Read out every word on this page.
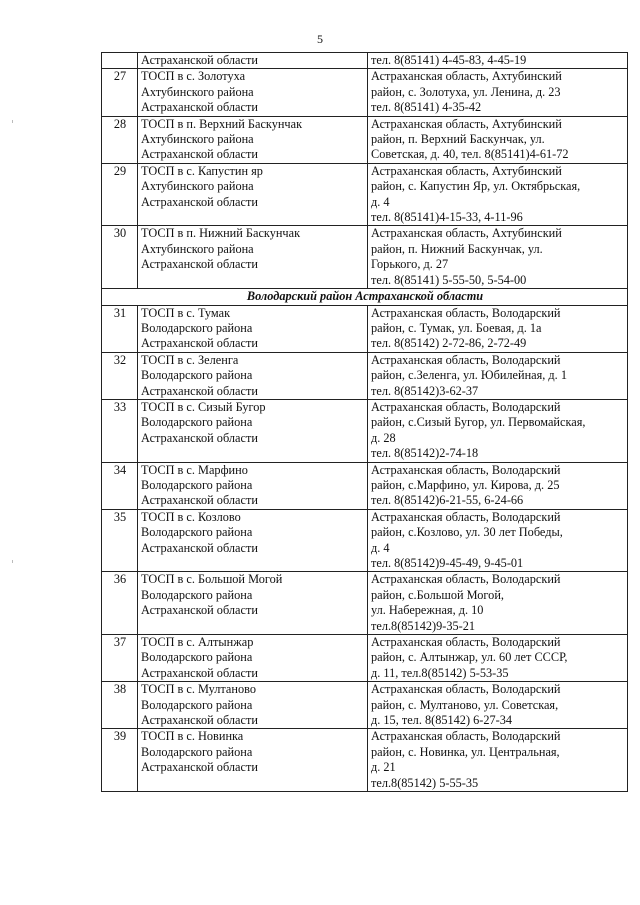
5

	Астраханской области	тел. 8(85141) 4-45-83, 4-45-19

27	ТОСП в с. Золотуха
Ахтубинского района
Астраханской области	Астраханская область, Ахтубинский
район, с. Золотуха, ул. Ленина, д. 23
тел. 8(85141) 4-35-42

28	ТОСП в п. Верхний Баскунчак
Ахтубинского района
Астраханской области	Астраханская область, Ахтубинский
район, п. Верхний Баскунчак, ул.
Советская, д. 40, тел. 8(85141)4-61-72

29	ТОСП в с. Капустин яр
Ахтубинского района
Астраханской области	Астраханская область, Ахтубинский
район, с. Капустин Яр, ул. Октябрьская,
д. 4
тел. 8(85141)4-15-33, 4-11-96

30	ТОСП в п. Нижний Баскунчак
Ахтубинского района
Астраханской области	Астраханская область, Ахтубинский
район, п. Нижний Баскунчак, ул.
Горького, д. 27
тел. 8(85141) 5-55-50, 5-54-00

Володарский район Астраханской области		
31	ТОСП в с. Тумак
Володарского района
Астраханской области	Астраханская область, Володарский
район, с. Тумак, ул. Боевая, д. 1а
тел. 8(85142) 2-72-86, 2-72-49

32	ТОСП в с. Зеленга
Володарского района
Астраханской области	Астраханская область, Володарский
район, с.Зеленга, ул. Юбилейная, д. 1
тел. 8(85142)3-62-37

33	ТОСП в с. Сизый Бугор
Володарского района
Астраханской области	Астраханская область, Володарский
район, с.Сизый Бугор, ул. Первомайская,
д. 28
тел. 8(85142)2-74-18

34	ТОСП в с. Марфино
Володарского района
Астраханской области	Астраханская область, Володарский
район, с.Марфино, ул. Кирова, д. 25
тел. 8(85142)6-21-55, 6-24-66

35	ТОСП в с. Козлово
Володарского района
Астраханской области	Астраханская область, Володарский
район, с.Козлово, ул. 30 лет Победы,
д. 4
тел. 8(85142)9-45-49, 9-45-01

36	ТОСП в с. Большой Могой
Володарского района
Астраханской области	Астраханская область, Володарский
район, с.Большой Могой,
ул. Набережная, д. 10
тел.8(85142)9-35-21

37	ТОСП в с. Алтынжар
Володарского района
Астраханской области	Астраханская область, Володарский
район, с. Алтынжар, ул. 60 лет СССР,
д. 11, тел.8(85142) 5-53-35

38	ТОСП в с. Мултаново
Володарского района
Астраханской области	Астраханская область, Володарский
район, с. Мултаново, ул. Советская,
д. 15, тел. 8(85142) 6-27-34

39	ТОСП в с. Новинка
Володарского района
Астраханской области	Астраханская область, Володарский
район, с. Новинка, ул. Центральная,
д. 21
тел.8(85142) 5-55-35
